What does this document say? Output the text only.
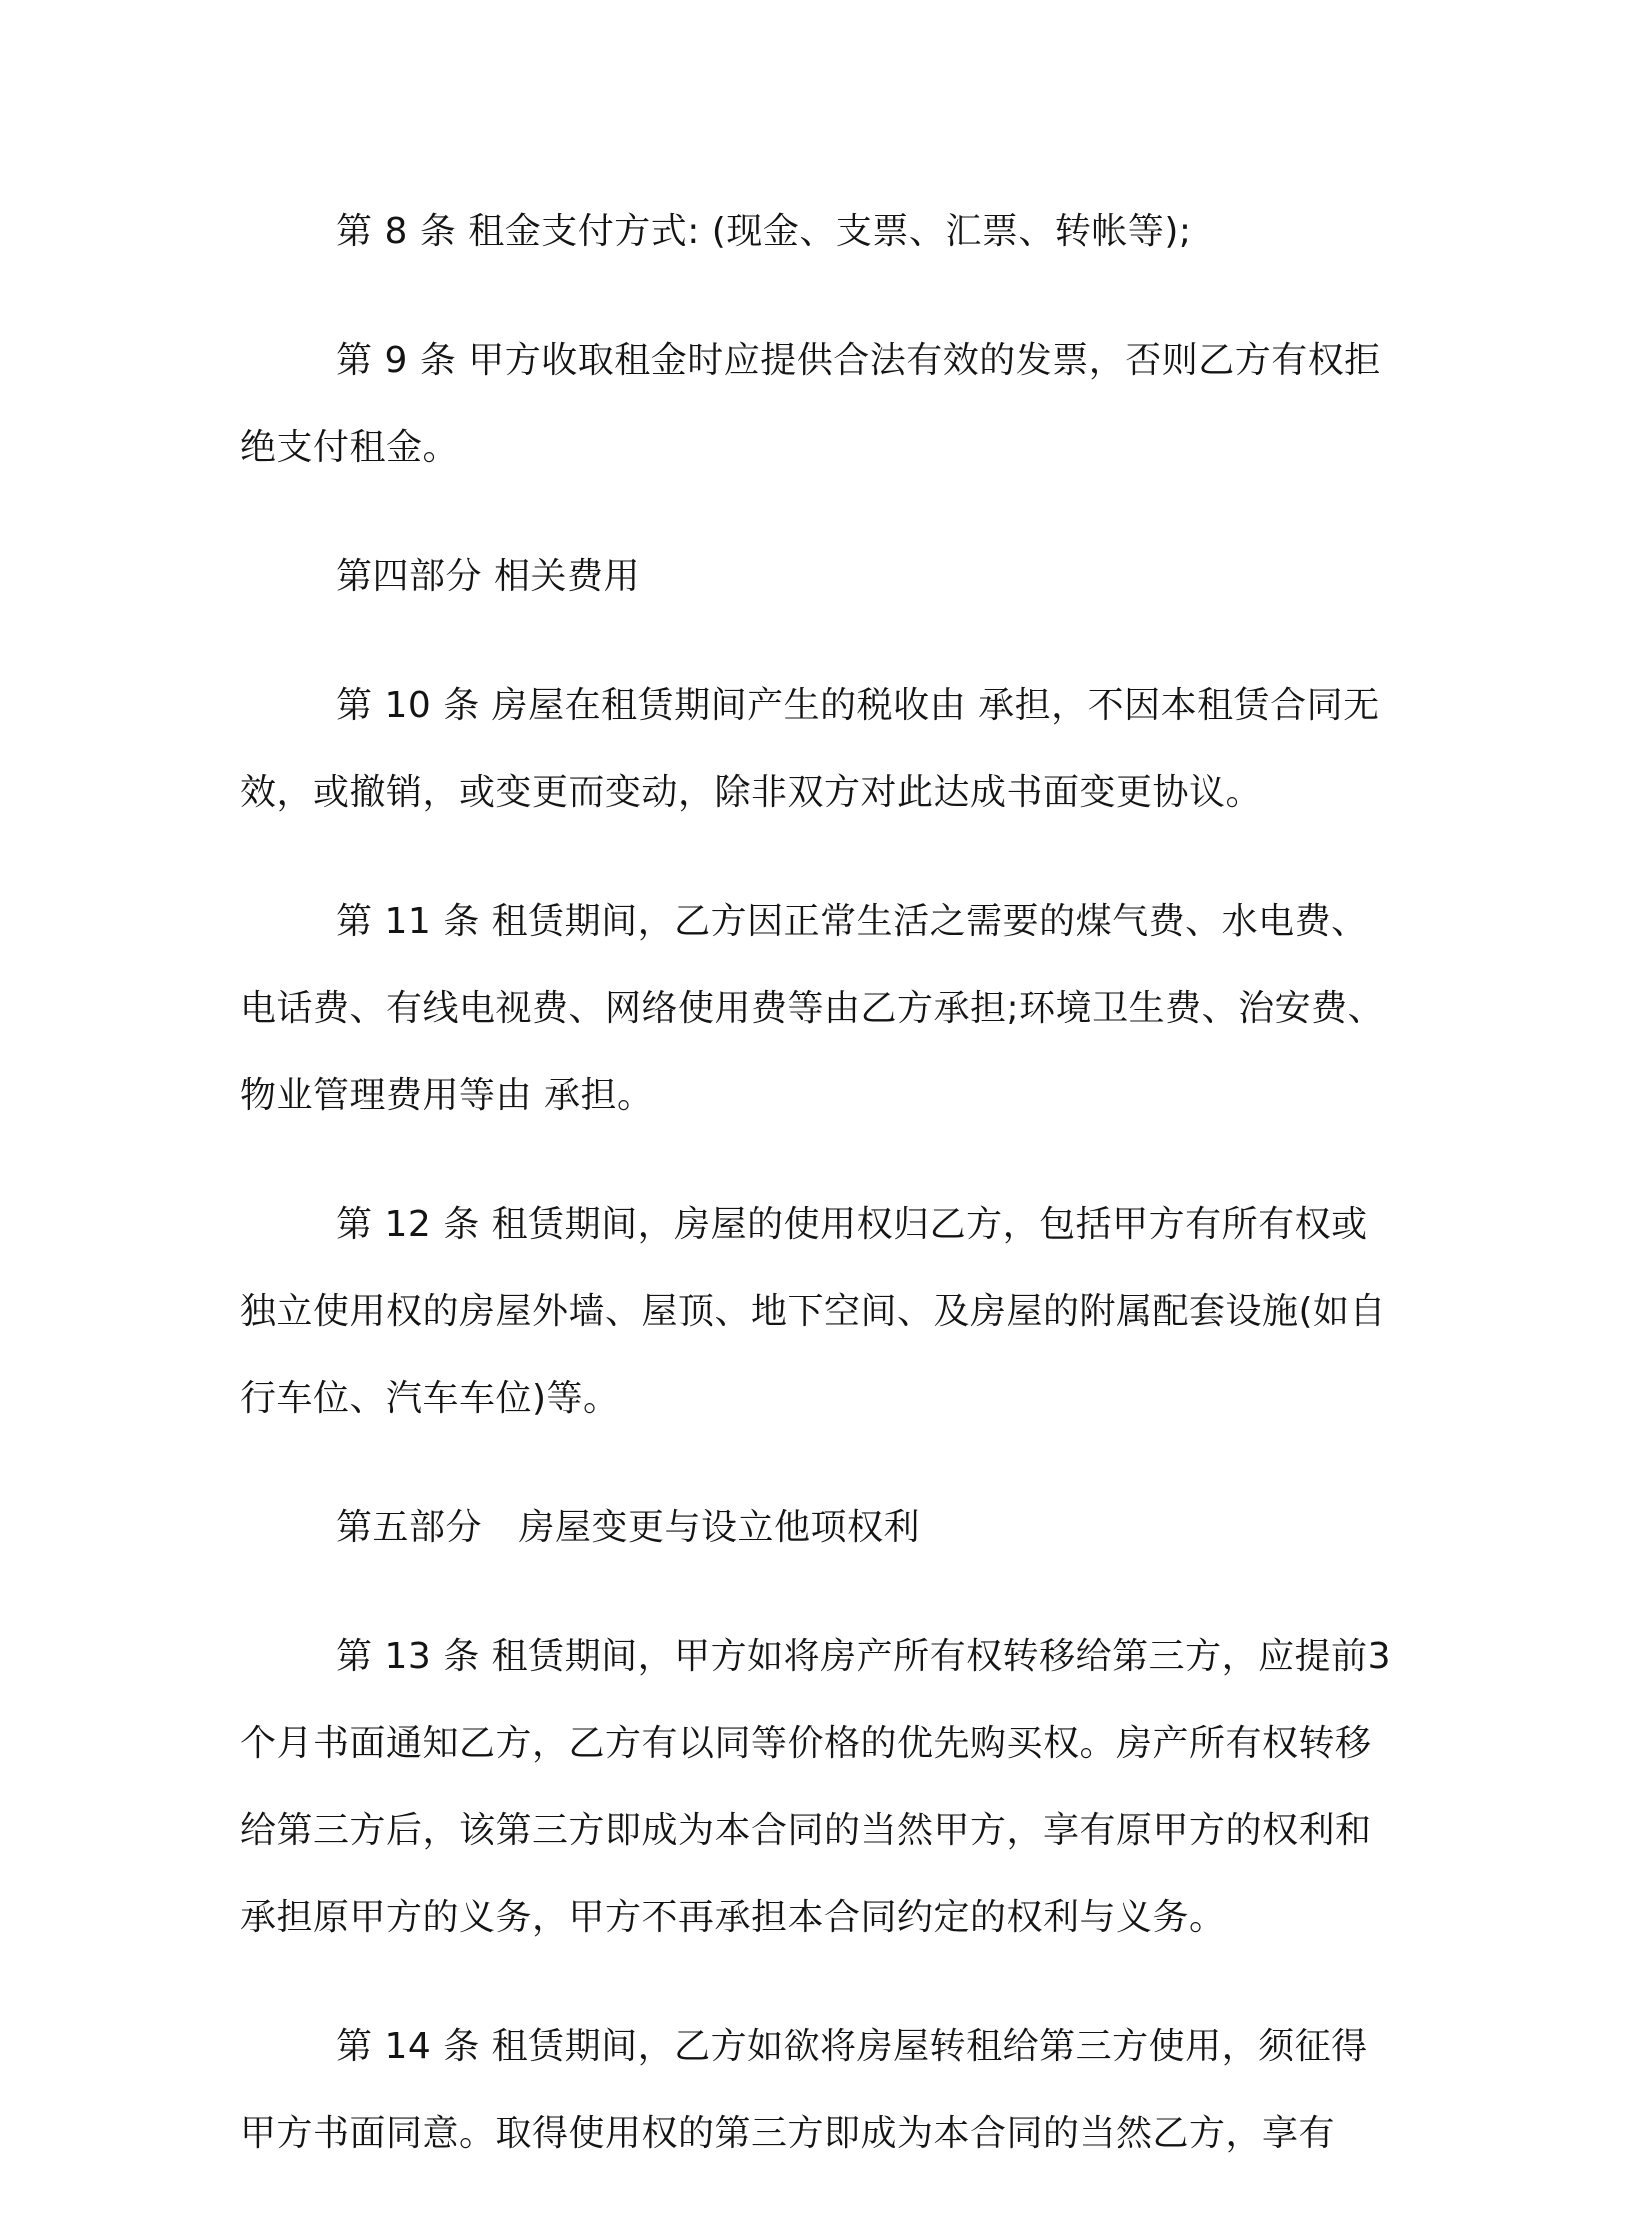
第 8 条 租金支付方式: (现金、支票、汇票、转帐等);

第 9 条 甲方收取租金时应提供合法有效的发票，否则乙方有权拒绝支付租金。

第四部分 相关费用

第 10 条 房屋在租赁期间产生的税收由 承担，不因本租赁合同无效，或撤销，或变更而变动，除非双方对此达成书面变更协议。

第 11 条 租赁期间，乙方因正常生活之需要的煤气费、水电费、电话费、有线电视费、网络使用费等由乙方承担;环境卫生费、治安费、物业管理费用等由 承担。

第 12 条 租赁期间，房屋的使用权归乙方，包括甲方有所有权或独立使用权的房屋外墙、屋顶、地下空间、及房屋的附属配套设施(如自行车位、汽车车位)等。

第五部分　房屋变更与设立他项权利

第 13 条 租赁期间，甲方如将房产所有权转移给第三方，应提前3 个月书面通知乙方，乙方有以同等价格的优先购买权。房产所有权转移给第三方后，该第三方即成为本合同的当然甲方，享有原甲方的权利和承担原甲方的义务，甲方不再承担本合同约定的权利与义务。

第 14 条 租赁期间，乙方如欲将房屋转租给第三方使用，须征得甲方书面同意。取得使用权的第三方即成为本合同的当然乙方，享有
